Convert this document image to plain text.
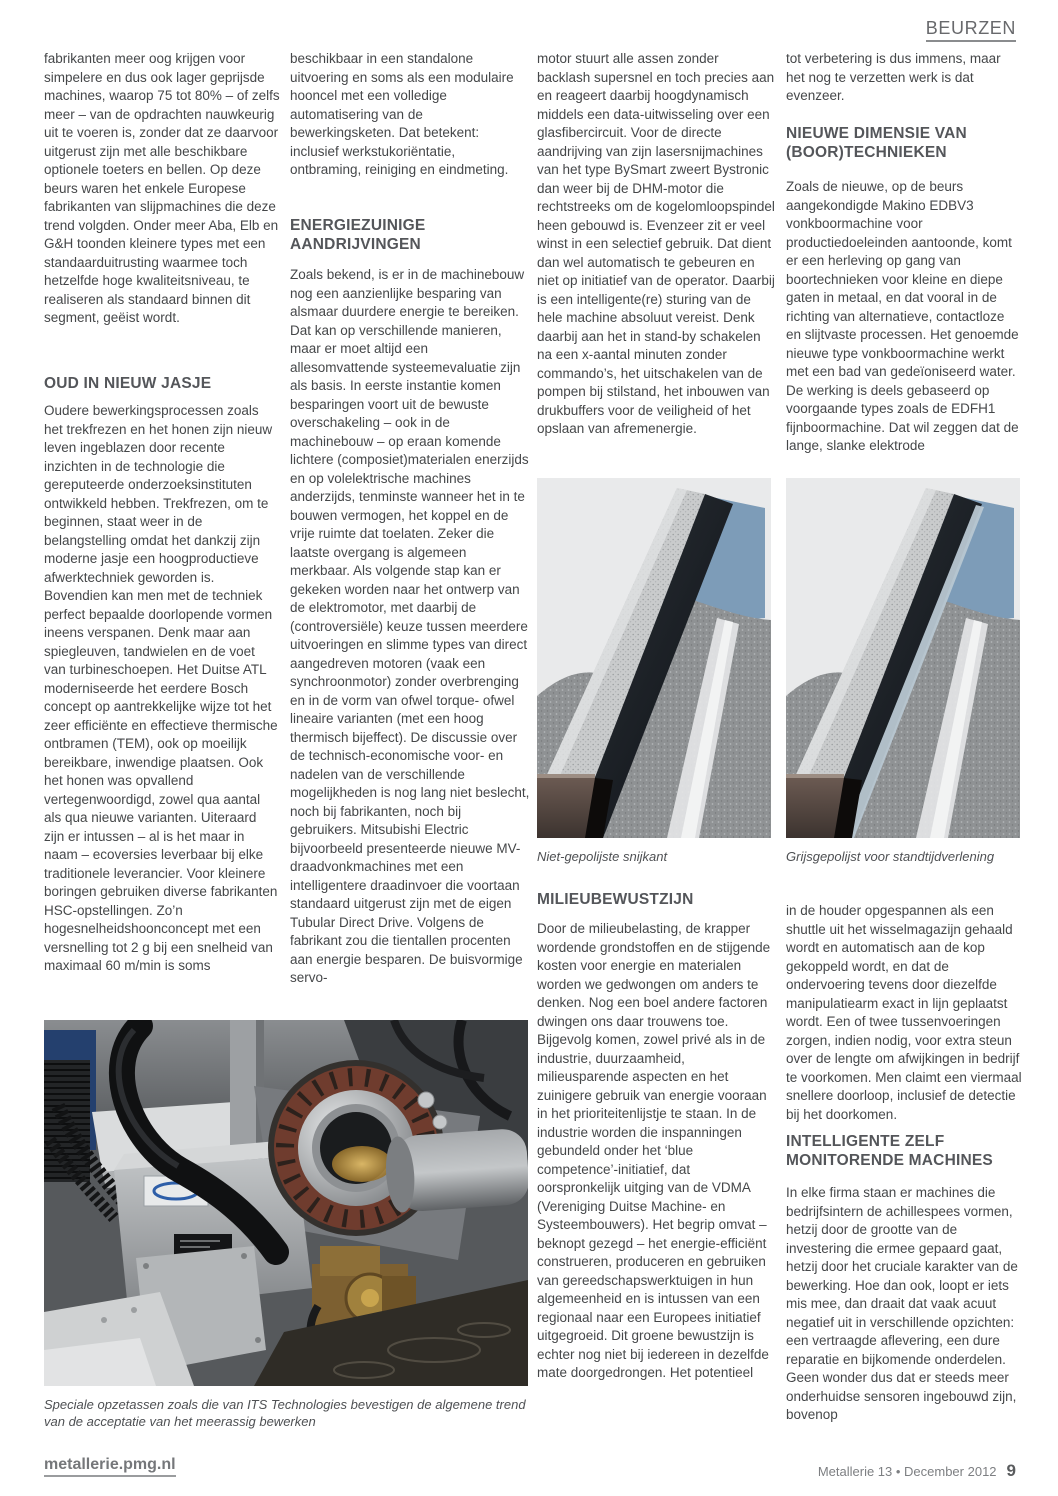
BEURZEN
fabrikanten meer oog krijgen voor simpelere en dus ook lager geprijsde machines, waarop 75 tot 80% – of zelfs meer – van de opdrachten nauwkeurig uit te voeren is, zonder dat ze daarvoor uitgerust zijn met alle beschikbare optionele toeters en bellen. Op deze beurs waren het enkele Europese fabrikanten van slijpmachines die deze trend volgden. Onder meer Aba, Elb en G&H toonden kleinere types met een standaarduitrusting waarmee toch hetzelfde hoge kwaliteitsniveau, te realiseren als standaard binnen dit segment, geëist wordt.
OUD IN NIEUW JASJE
Oudere bewerkingsprocessen zoals het trekfrezen en het honen zijn nieuw leven ingeblazen door recente inzichten in de technologie die gereputeerde onderzoeksinstituten ontwikkeld hebben. Trekfrezen, om te beginnen, staat weer in de belangstelling omdat het dankzij zijn moderne jasje een hoogproductieve afwerktechniek geworden is. Bovendien kan men met de techniek perfect bepaalde doorlopende vormen ineens verspanen. Denk maar aan spiegleuven, tandwielen en de voet van turbineschoepen. Het Duitse ATL moderniseerde het eerdere Bosch concept op aantrekkelijke wijze tot het zeer efficiënte en effectieve thermische ontbramen (TEM), ook op moeilijk bereikbare, inwendige plaatsen. Ook het honen was opvallend vertegenwoordigd, zowel qua aantal als qua nieuwe varianten. Uiteraard zijn er intussen – al is het maar in naam – ecoversies leverbaar bij elke traditionele leverancier. Voor kleinere boringen gebruiken diverse fabrikanten HSC-opstellingen. Zo’n hogesnelheidshoonconcept met een versnelling tot 2 g bij een snelheid van maximaal 60 m/min is soms
beschikbaar in een standalone uitvoering en soms als een modulaire hooncel met een volledige automatisering van de bewerkingsketen. Dat betekent: inclusief werkstukoriëntatie, ontbraming, reiniging en eindmeting.
ENERGIEZUINIGE AANDRIJVINGEN
Zoals bekend, is er in de machinebouw nog een aanzienlijke besparing van alsmaar duurdere energie te bereiken. Dat kan op verschillende manieren, maar er moet altijd een allesomvattende systeemevaluatie zijn als basis. In eerste instantie komen besparingen voort uit de bewuste overschakeling – ook in de machinebouw – op eraan komende lichtere (composiet)materialen enerzijds en op volelektrische machines anderzijds, tenminste wanneer het in te bouwen vermogen, het koppel en de vrije ruimte dat toelaten. Zeker die laatste overgang is algemeen merkbaar. Als volgende stap kan er gekeken worden naar het ontwerp van de elektromotor, met daarbij de (controversiële) keuze tussen meerdere uitvoeringen en slimme types van direct aangedreven motoren (vaak een synchroonmotor) zonder overbrenging en in de vorm van ofwel torque- ofwel lineaire varianten (met een hoog thermisch bijeffect). De discussie over de technisch-economische voor- en nadelen van de verschillende mogelijkheden is nog lang niet beslecht, noch bij fabrikanten, noch bij gebruikers. Mitsubishi Electric bijvoorbeeld presenteerde nieuwe MV-draadvonkmachines met een intelligentere draadinvoer die voortaan standaard uitgerust zijn met de eigen Tubular Direct Drive. Volgens de fabrikant zou die tientallen procenten aan energie besparen. De buisvormige servo-
motor stuurt alle assen zonder backlash supersnel en toch precies aan en reageert daarbij hoogdynamisch middels een data-uitwisseling over een glasfibercircuit. Voor de directe aandrijving van zijn lasersnijmachines van het type BySmart zweert Bystronic dan weer bij de DHM-motor die rechtstreeks om de kogelomloopspindel heen gebouwd is. Evenzeer zit er veel winst in een selectief gebruik. Dat dient dan wel automatisch te gebeuren en niet op initiatief van de operator. Daarbij is een intelligente(re) sturing van de hele machine absoluut vereist. Denk daarbij aan het in stand-by schakelen na een x-aantal minuten zonder commando’s, het uitschakelen van de pompen bij stilstand, het inbouwen van drukbuffers voor de veiligheid of het opslaan van afremenergie.
Niet-gepolijste snijkant
MILIEUBEWUSTZIJN
Door de milieubelasting, de krapper wordende grondstoffen en de stijgende kosten voor energie en materialen worden we gedwongen om anders te denken. Nog een boel andere factoren dwingen ons daar trouwens toe. Bijgevolg komen, zowel privé als in de industrie, duurzaamheid, milieusparende aspecten en het zuinigere gebruik van energie vooraan in het prioriteitenlijstje te staan. In de industrie worden die inspanningen gebundeld onder het ‘blue competence’-initiatief, dat oorspronkelijk uitging van de VDMA (Vereniging Duitse Machine- en Systeembouwers). Het begrip omvat – beknopt gezegd – het energie-efficiënt construeren, produceren en gebruiken van gereedschapswerktuigen in hun algemeenheid en is intussen van een regionaal naar een Europees initiatief uitgegroeid. Dit groene bewustzijn is echter nog niet bij iedereen in dezelfde mate doorgedrongen. Het potentieel
tot verbetering is dus immens, maar het nog te verzetten werk is dat evenzeer.
NIEUWE DIMENSIE VAN (BOOR)TECHNIEKEN
Zoals de nieuwe, op de beurs aangekondigde Makino EDBV3 vonkboormachine voor productiedoeleinden aantoonde, komt er een herleving op gang van boortechnieken voor kleine en diepe gaten in metaal, en dat vooral in de richting van alternatieve, contactloze en slijtvaste processen. Het genoemde nieuwe type vonkboormachine werkt met een bad van gedeïoniseerd water. De werking is deels gebaseerd op voorgaande types zoals de EDFH1 fijnboormachine. Dat wil zeggen dat de lange, slanke elektrode
Grijsgepolijst voor standtijdverlening
in de houder opgespannen als een shuttle uit het wisselmagazijn gehaald wordt en automatisch aan de kop gekoppeld wordt, en dat de ondervoering tevens door diezelfde manipulatiearm exact in lijn geplaatst wordt. Een of twee tussenvoeringen zorgen, indien nodig, voor extra steun over de lengte om afwijkingen in bedrijf te voorkomen. Men claimt een viermaal snellere doorloop, inclusief de detectie bij het doorkomen.
INTELLIGENTE ZELF MONITORENDE MACHINES
In elke firma staan er machines die bedrijfsintern de achillespees vormen, hetzij door de grootte van de investering die ermee gepaard gaat, hetzij door het cruciale karakter van de bewerking. Hoe dan ook, loopt er iets mis mee, dan draait dat vaak acuut negatief uit in verschillende opzichten: een vertraagde aflevering, een dure reparatie en bijkomende onderdelen. Geen wonder dus dat er steeds meer onderhuidse sensoren ingebouwd zijn, bovenop
Speciale opzetassen zoals die van ITS Technologies bevestigen de algemene trend van de acceptatie van het meerassig bewerken
metallerie.pmg.nl	Metallerie 13 • December 2012 9
